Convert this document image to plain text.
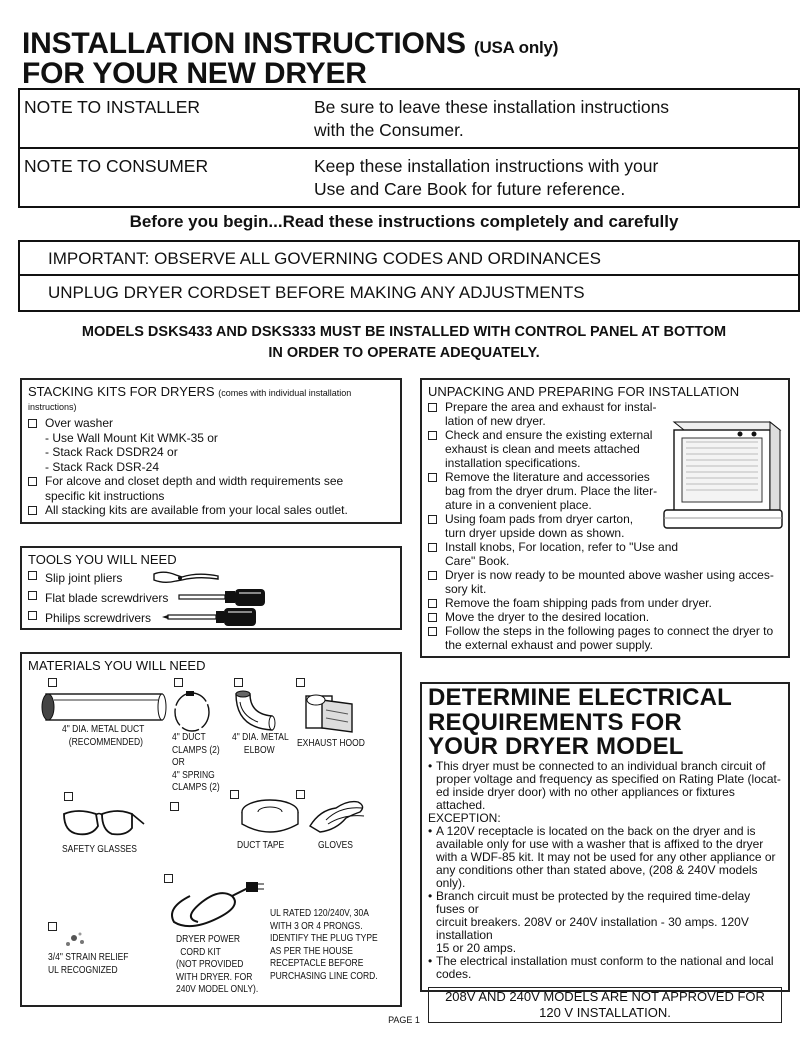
INSTALLATION INSTRUCTIONS (USA only)
FOR YOUR NEW DRYER
NOTE TO INSTALLER	Be sure to leave these installation instructions
with the Consumer.
NOTE TO CONSUMER	Keep these installation instructions with your
Use and Care Book for future reference.
Before you begin...Read these instructions completely and carefully
IMPORTANT: OBSERVE ALL GOVERNING CODES AND ORDINANCES
UNPLUG DRYER CORDSET BEFORE MAKING ANY ADJUSTMENTS
MODELS DSKS433 AND DSKS333 MUST BE INSTALLED WITH CONTROL PANEL AT BOTTOM
IN ORDER TO OPERATE ADEQUATELY.
STACKING KITS FOR DRYERS (comes with individual installation
instructions)
Over washer
- Use Wall Mount Kit WMK-35 or
- Stack Rack DSDR24 or
- Stack Rack DSR-24
For alcove and closet depth and width requirements see
specific kit instructions
All stacking kits are available from your local sales outlet.
TOOLS YOU WILL NEED
Slip joint pliers
Flat blade screwdrivers
Philips screwdrivers
MATERIALS YOU WILL NEED
4" DIA. METAL DUCT
(RECOMMENDED)	4" DUCT
CLAMPS (2)
OR
4" SPRING
CLAMPS (2)
4" DIA. METAL
ELBOW
EXHAUST HOOD
SAFETY GLASSES	DUCT TAPE	GLOVES
DRYER POWER
CORD KIT
(NOT PROVIDED
WITH DRYER. FOR
240V MODEL ONLY).
UL RATED 120/240V, 30A
WITH 3 OR 4 PRONGS.
IDENTIFY THE PLUG TYPE
AS PER THE HOUSE
RECEPTACLE BEFORE
PURCHASING LINE CORD.
3/4" STRAIN RELIEF
UL RECOGNIZED
UNPACKING AND PREPARING FOR INSTALLATION
Prepare the area and exhaust for instal-
lation of new dryer.
Check and ensure the existing external
exhaust is clean and meets attached
installation specifications.
Remove the literature and accessories
bag from the dryer drum. Place the liter-
ature in a convenient place.
Using foam pads from dryer carton,
turn dryer upside down as shown.
Install knobs, For location, refer to "Use and
Care" Book.
Dryer is now ready to be mounted above washer using acces-
sory kit.
Remove the foam shipping pads from under dryer.
Move the dryer to the desired location.
Follow the steps in the following pages to connect the dryer to
the external exhaust and power supply.
DETERMINE ELECTRICAL
REQUIREMENTS FOR
YOUR DRYER MODEL
• This dryer must be connected to an individual branch circuit of
proper voltage and frequency as specified on Rating Plate (locat-
ed inside dryer door) with no other appliances or fixtures
attached.
EXCEPTION:
• A 120V receptacle is located on the back on the dryer and is
available only for use with a washer that is affixed to the dryer
with a WDF-85 kit. It may not be used for any other appliance or
any conditions other than stated above, (208 & 240V models
only).
• Branch circuit must be protected by the required time-delay fuses or
circuit breakers. 208V or 240V installation - 30 amps. 120V installation
15 or 20 amps.
• The electrical installation must conform to the national and local
codes.
208V AND 240V MODELS ARE NOT APPROVED FOR
120 V INSTALLATION.
PAGE 1
